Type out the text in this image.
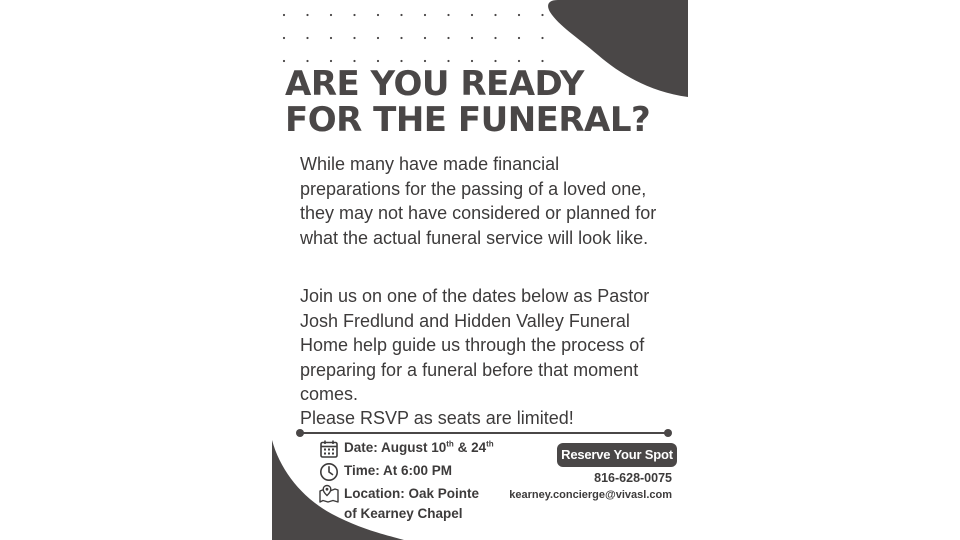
ARE YOU READY
FOR THE FUNERAL?

While many have made financial preparations for the passing of a loved one, they may not have considered or planned for what the actual funeral service will look like.

Join us on one of the dates below as Pastor Josh Fredlund and Hidden Valley Funeral Home help guide us through the process of preparing for a funeral before that moment comes.

Please RSVP as seats are limited!

Date: August 10th & 24th
Time: At 6:00 PM
Location: Oak Pointe of Kearney Chapel
Reserve Your Spot
816-628-0075
kearney.concierge@vivasl.com
